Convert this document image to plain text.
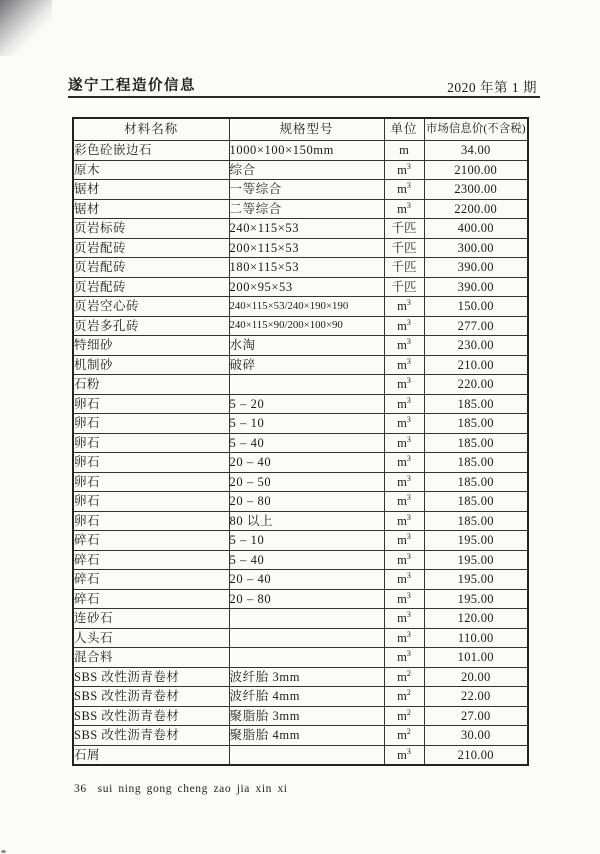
遂宁工程造价信息	2020 年第 1 期
材料名称	规格型号	单位	市场信息价(不含税)
彩色砼嵌边石	1000×100×150mm	m	34.00
原木	综合	$m^3$	2100.00
锯材	一等综合	$m^3$	2300.00
锯材	二等综合	$m^3$	2200.00
页岩标砖	240×115×53	千匹	400.00
页岩配砖	200×115×53	千匹	300.00
页岩配砖	180×115×53	千匹	390.00
页岩配砖	200×95×53	千匹	390.00
页岩空心砖	240×115×53/240×190×190	$m^3$	150.00
页岩多孔砖	240×115×90/200×100×90	$m^3$	277.00
特细砂	水淘	$m^3$	230.00
机制砂	破碎	$m^3$	210.00
石粉		$m^3$	220.00
卵石	5 – 20	$m^3$	185.00
卵石	5 – 10	$m^3$	185.00
卵石	5 – 40	$m^3$	185.00
卵石	20 – 40	$m^3$	185.00
卵石	20 – 50	$m^3$	185.00
卵石	20 – 80	$m^3$	185.00
卵石	80 以上	$m^3$	185.00
碎石	5 – 10	$m^3$	195.00
碎石	5 – 40	$m^3$	195.00
碎石	20 – 40	$m^3$	195.00
碎石	20 – 80	$m^3$	195.00
连砂石		$m^3$	120.00
人头石		$m^3$	110.00
混合料		$m^3$	101.00
SBS 改性沥青卷材	波纤胎 3mm	$m^2$	20.00
SBS 改性沥青卷材	波纤胎 4mm	$m^2$	22.00
SBS 改性沥青卷材	聚脂胎 3mm	$m^2$	27.00
SBS 改性沥青卷材	聚脂胎 4mm	$m^2$	30.00
石屑		$m^3$	210.00
36  sui ning gong cheng zao jia xin xi
